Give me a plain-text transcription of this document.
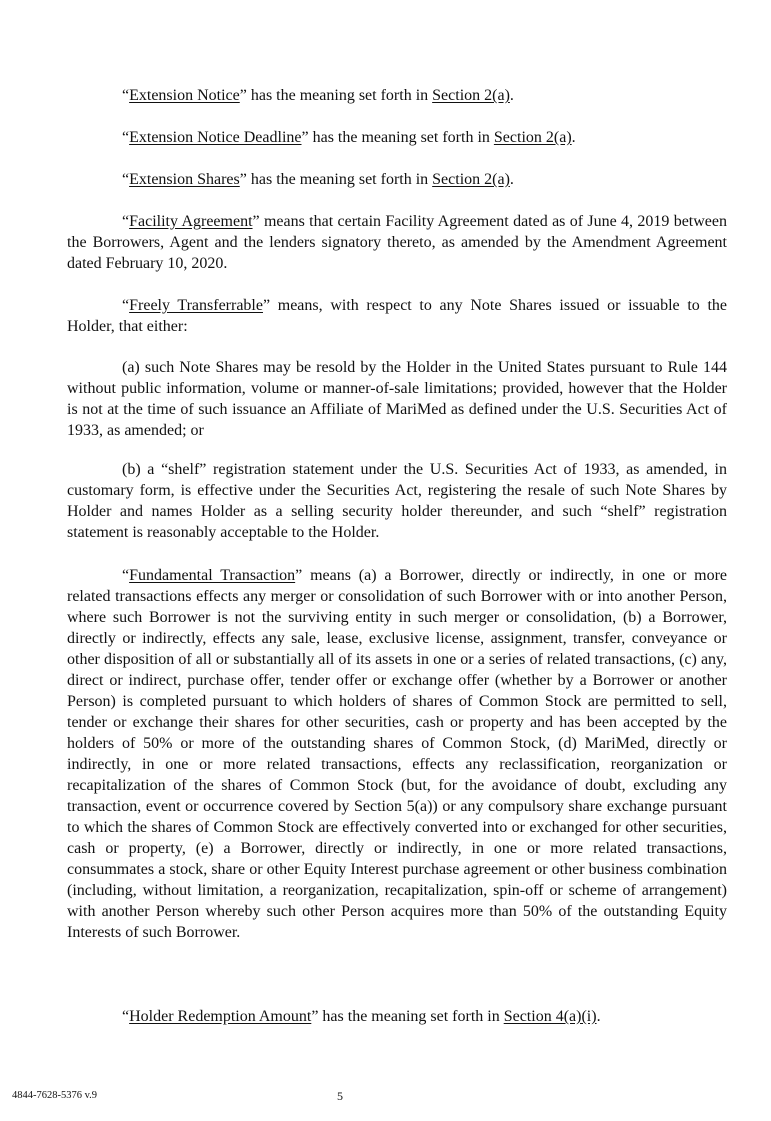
“Extension Notice” has the meaning set forth in Section 2(a).

“Extension Notice Deadline” has the meaning set forth in Section 2(a).

“Extension Shares” has the meaning set forth in Section 2(a).

“Facility Agreement” means that certain Facility Agreement dated as of June 4, 2019 between the Borrowers, Agent and the lenders signatory thereto, as amended by the Amendment Agreement dated February 10, 2020.

“Freely Transferrable” means, with respect to any Note Shares issued or issuable to the Holder, that either:

(a) such Note Shares may be resold by the Holder in the United States pursuant to Rule 144 without public information, volume or manner-of-sale limitations; provided, however that the Holder is not at the time of such issuance an Affiliate of MariMed as defined under the U.S. Securities Act of 1933, as amended; or

(b) a “shelf” registration statement under the U.S. Securities Act of 1933, as amended, in customary form, is effective under the Securities Act, registering the resale of such Note Shares by Holder and names Holder as a selling security holder thereunder, and such “shelf” registration statement is reasonably acceptable to the Holder.

“Fundamental Transaction” means (a) a Borrower, directly or indirectly, in one or more related transactions effects any merger or consolidation of such Borrower with or into another Person, where such Borrower is not the surviving entity in such merger or consolidation, (b) a Borrower, directly or indirectly, effects any sale, lease, exclusive license, assignment, transfer, conveyance or other disposition of all or substantially all of its assets in one or a series of related transactions, (c) any, direct or indirect, purchase offer, tender offer or exchange offer (whether by a Borrower or another Person) is completed pursuant to which holders of shares of Common Stock are permitted to sell, tender or exchange their shares for other securities, cash or property and has been accepted by the holders of 50% or more of the outstanding shares of Common Stock, (d) MariMed, directly or indirectly, in one or more related transactions, effects any reclassification, reorganization or recapitalization of the shares of Common Stock (but, for the avoidance of doubt, excluding any transaction, event or occurrence covered by Section 5(a)) or any compulsory share exchange pursuant to which the shares of Common Stock are effectively converted into or exchanged for other securities, cash or property, (e) a Borrower, directly or indirectly, in one or more related transactions, consummates a stock, share or other Equity Interest purchase agreement or other business combination (including, without limitation, a reorganization, recapitalization, spin-off or scheme of arrangement) with another Person whereby such other Person acquires more than 50% of the outstanding Equity Interests of such Borrower.

“Holder Redemption Amount” has the meaning set forth in Section 4(a)(i).

4844-7628-5376 v.9	5
